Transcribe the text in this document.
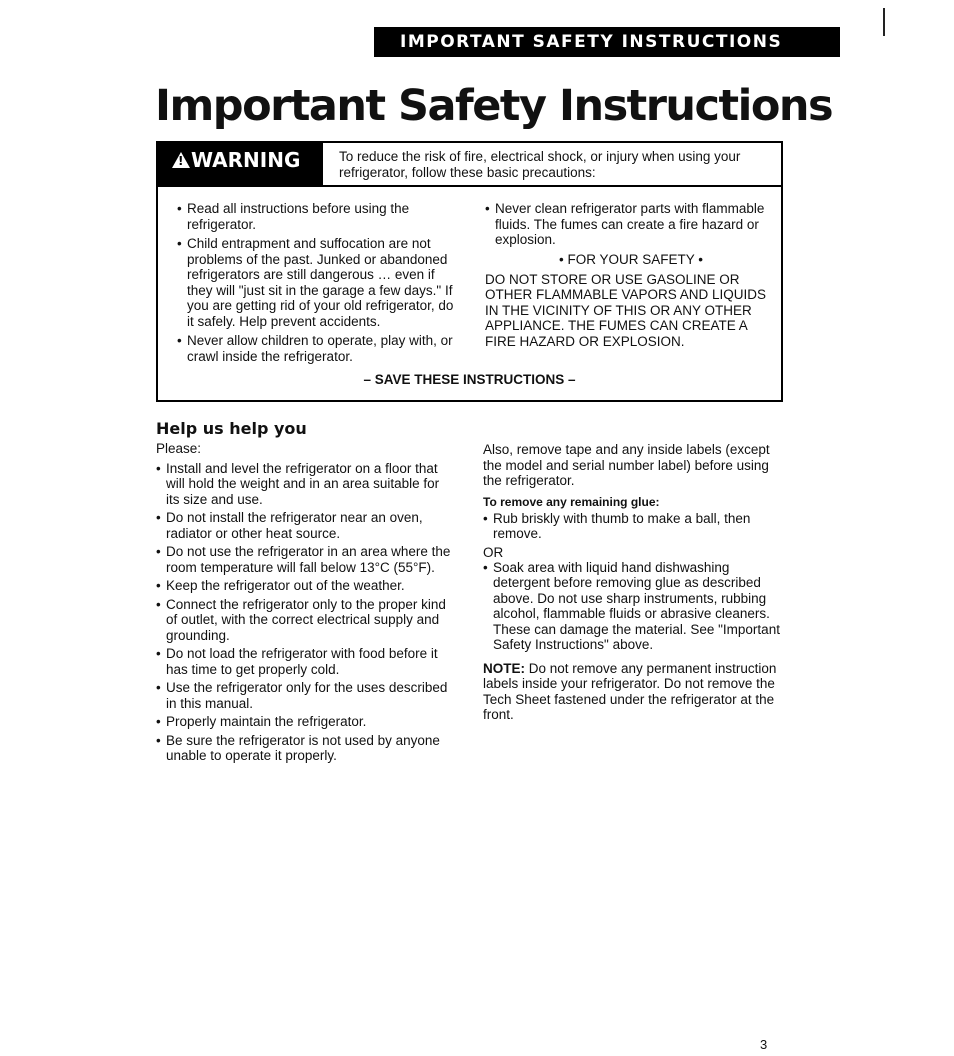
IMPORTANT SAFETY INSTRUCTIONS
Important Safety Instructions
!WARNING	To reduce the risk of fire, electrical shock, or injury when using your refrigerator, follow these basic precautions:
• Read all instructions before using the refrigerator.
• Child entrapment and suffocation are not problems of the past. Junked or abandoned refrigerators are still dangerous … even if they will "just sit in the garage a few days." If you are getting rid of your old refrigerator, do it safely. Help prevent accidents.
• Never allow children to operate, play with, or crawl inside the refrigerator.
• Never clean refrigerator parts with flammable fluids. The fumes can create a fire hazard or explosion.
• FOR YOUR SAFETY •
DO NOT STORE OR USE GASOLINE OR OTHER FLAMMABLE VAPORS AND LIQUIDS IN THE VICINITY OF THIS OR ANY OTHER APPLIANCE. THE FUMES CAN CREATE A FIRE HAZARD OR EXPLOSION.
– SAVE THESE INSTRUCTIONS –
Help us help you

Please:

• Install and level the refrigerator on a floor that will hold the weight and in an area suitable for its size and use.
• Do not install the refrigerator near an oven, radiator or other heat source.
• Do not use the refrigerator in an area where the room temperature will fall below 13°C (55°F).
• Keep the refrigerator out of the weather.
• Connect the refrigerator only to the proper kind of outlet, with the correct electrical supply and grounding.
• Do not load the refrigerator with food before it has time to get properly cold.
• Use the refrigerator only for the uses described in this manual.
• Properly maintain the refrigerator.
• Be sure the refrigerator is not used by anyone unable to operate it properly.

Also, remove tape and any inside labels (except the model and serial number label) before using the refrigerator.

To remove any remaining glue:
• Rub briskly with thumb to make a ball, then remove.
OR
• Soak area with liquid hand dishwashing detergent before removing glue as described above. Do not use sharp instruments, rubbing alcohol, flammable fluids or abrasive cleaners. These can damage the material. See "Important Safety Instructions" above.

NOTE: Do not remove any permanent instruction labels inside your refrigerator. Do not remove the Tech Sheet fastened under the refrigerator at the front.

3
